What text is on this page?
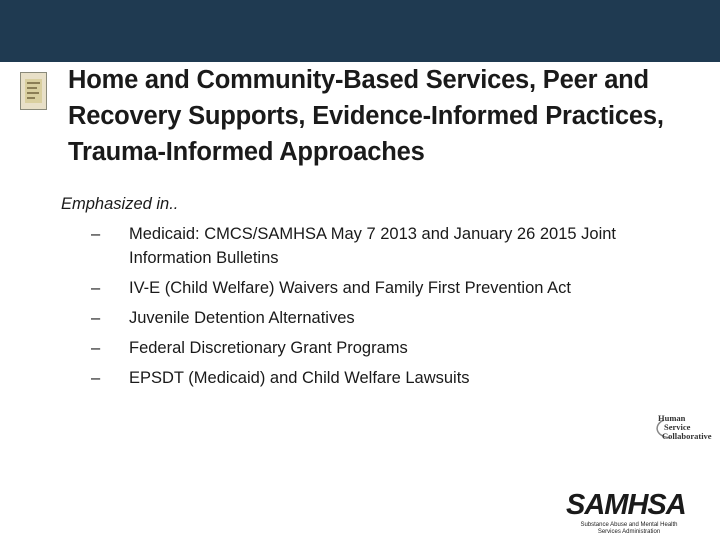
Home and Community-Based Services, Peer and Recovery Supports, Evidence-Informed Practices, Trauma-Informed Approaches
Emphasized in..
– Medicaid: CMCS/SAMHSA May 7 2013 and January 26 2015 Joint Information Bulletins
– IV-E (Child Welfare) Waivers and Family First Prevention Act
– Juvenile Detention Alternatives
– Federal Discretionary Grant Programs
– EPSDT (Medicaid) and Child Welfare Lawsuits
Human
Service
Collaborative
SAMHSA
Substance Abuse and Mental Health
Services Administration
